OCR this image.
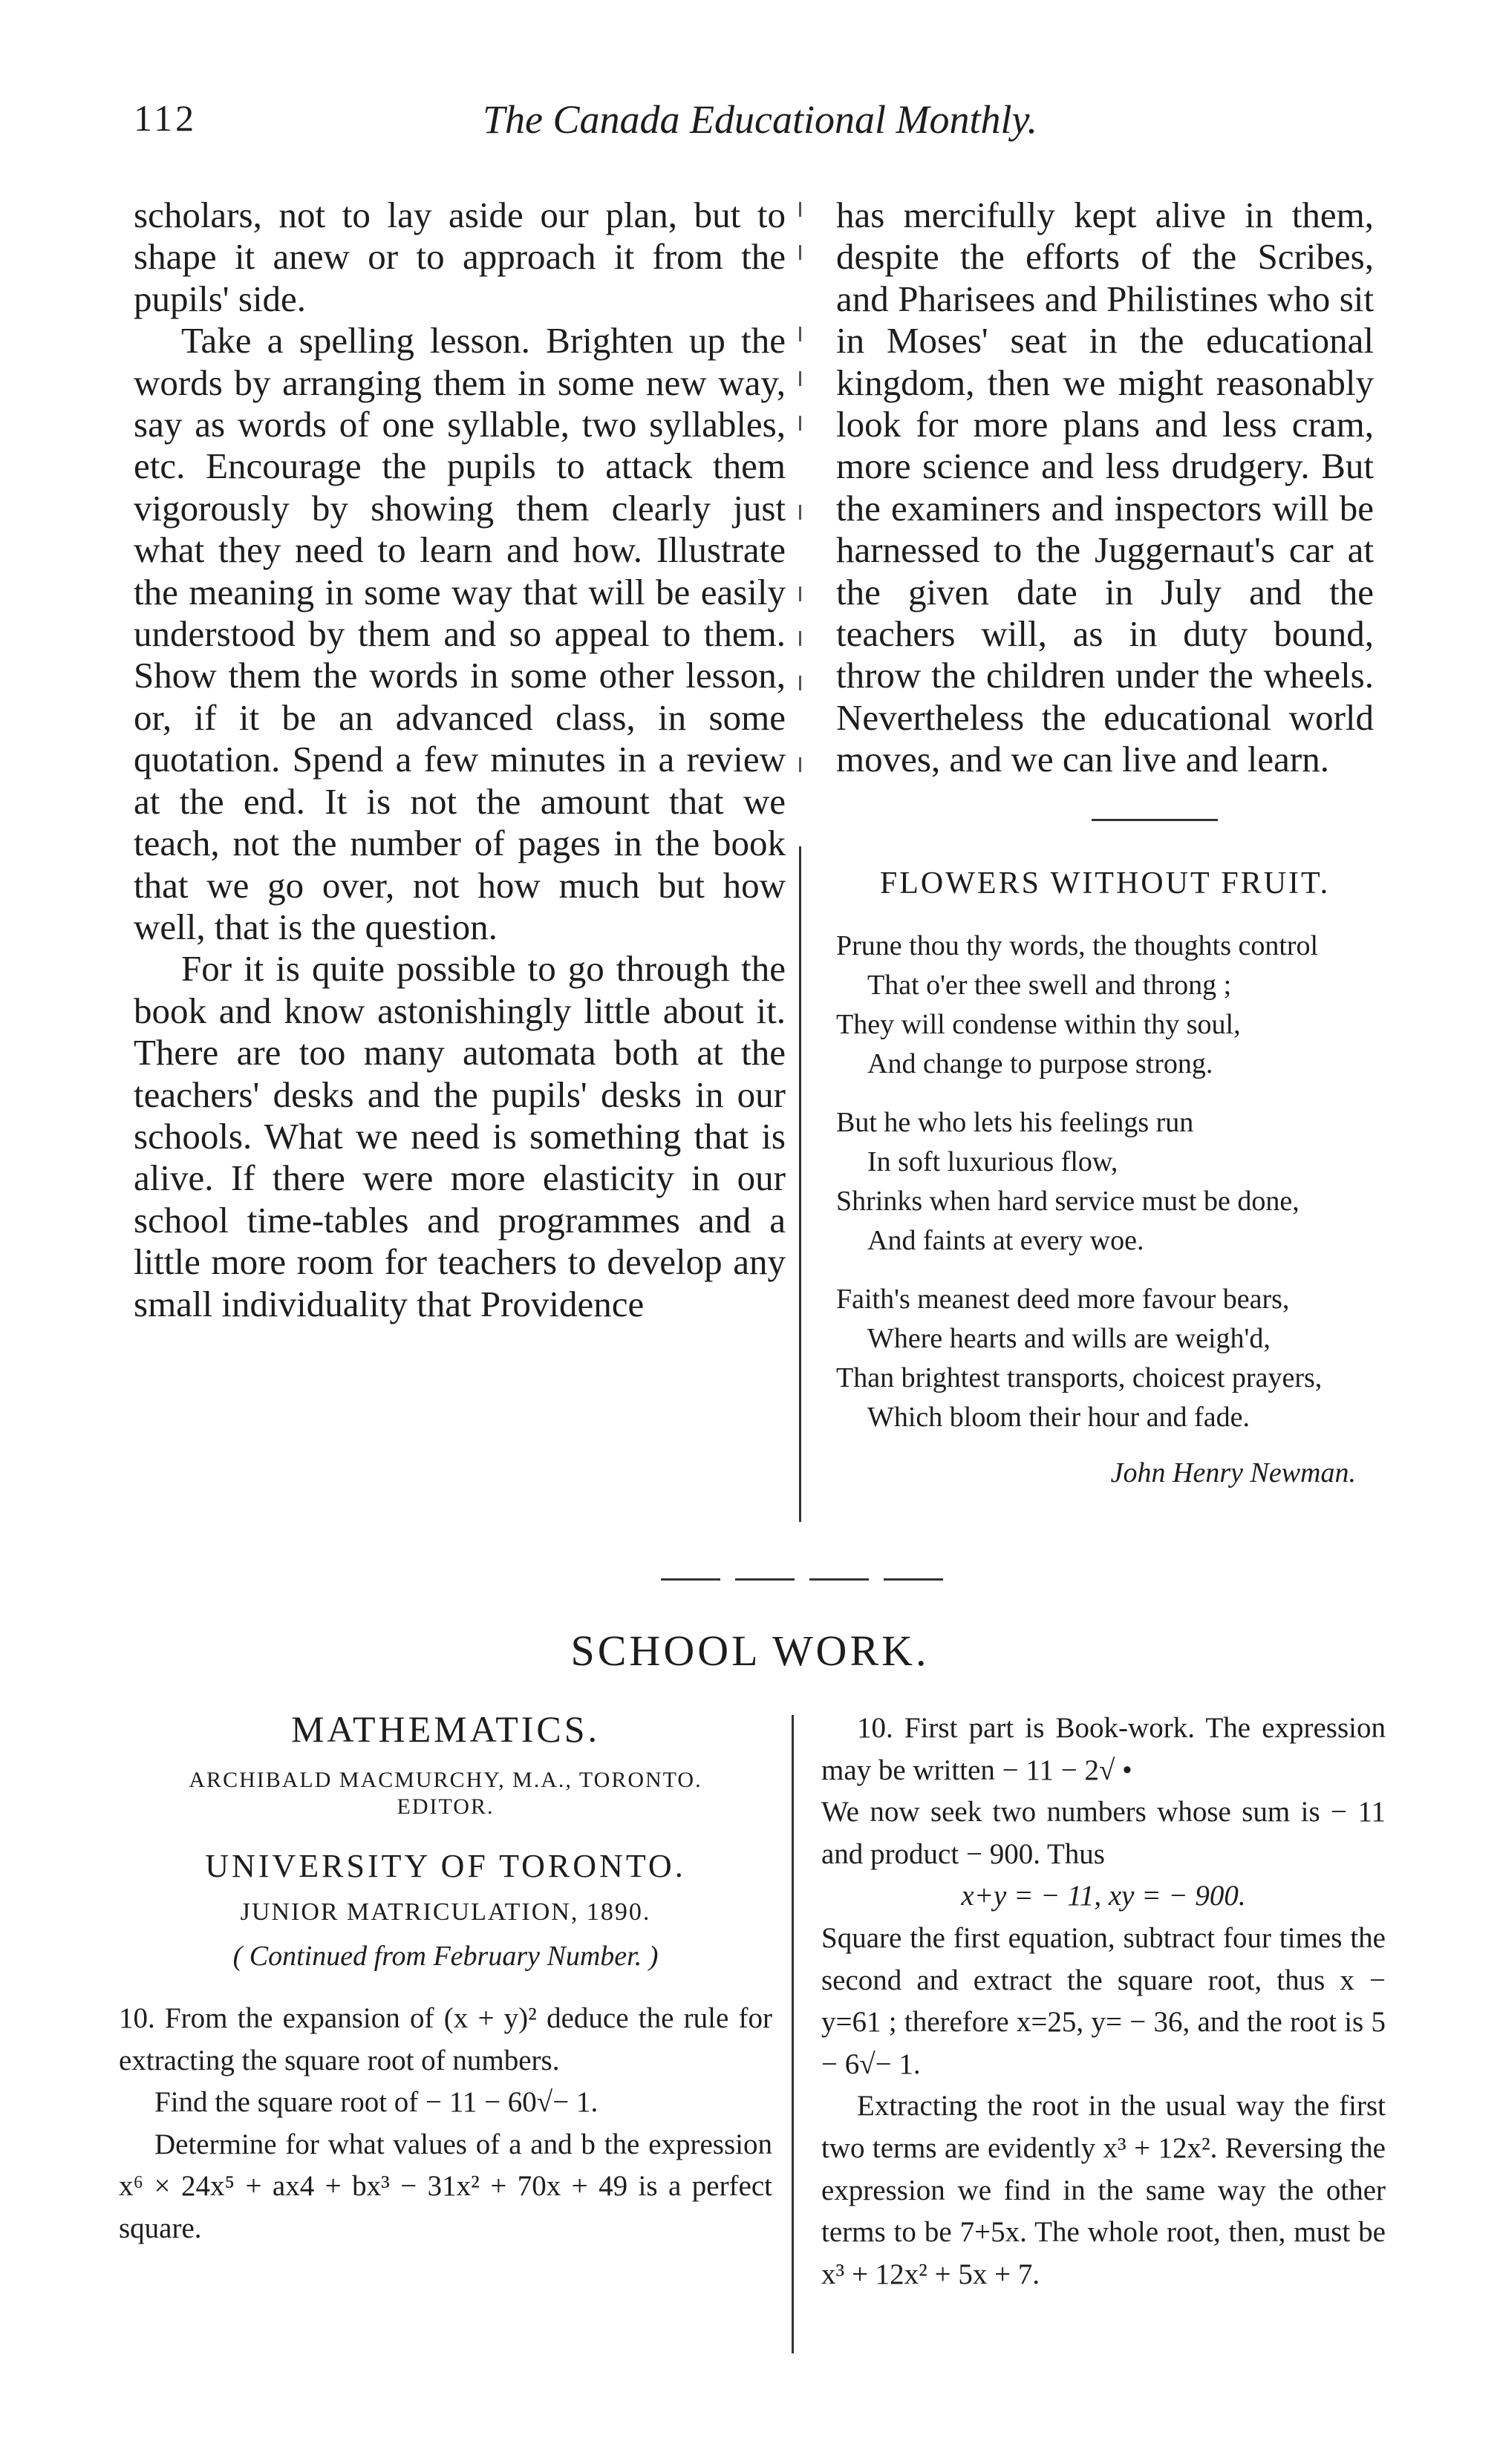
112	The Canada Educational Monthly.

scholars, not to lay aside our plan, but to shape it anew or to approach it from the pupils' side.

Take a spelling lesson. Brighten up the words by arranging them in some new way, say as words of one syllable, two syllables, etc. Encourage the pupils to attack them vigorously by showing them clearly just what they need to learn and how. Illustrate the meaning in some way that will be easily understood by them and so appeal to them. Show them the words in some other lesson, or, if it be an advanced class, in some quotation. Spend a few minutes in a review at the end. It is not the amount that we teach, not the number of pages in the book that we go over, not how much but how well, that is the question.

For it is quite possible to go through the book and know astonishingly little about it. There are too many automata both at the teachers' desks and the pupils' desks in our schools. What we need is something that is alive. If there were more elasticity in our school time-tables and programmes and a little more room for teachers to develop any small individuality that Providence

has mercifully kept alive in them, despite the efforts of the Scribes, and Pharisees and Philistines who sit in Moses' seat in the educational kingdom, then we might reasonably look for more plans and less cram, more science and less drudgery. But the examiners and inspectors will be harnessed to the Juggernaut's car at the given date in July and the teachers will, as in duty bound, throw the children under the wheels. Nevertheless the educational world moves, and we can live and learn.

FLOWERS WITHOUT FRUIT.
Prune thou thy words, the thoughts control
That o'er thee swell and throng ;
They will condense within thy soul,
And change to purpose strong.
But he who lets his feelings run
In soft luxurious flow,
Shrinks when hard service must be done,
And faints at every woe.
Faith's meanest deed more favour bears,
Where hearts and wills are weigh'd,
Than brightest transports, choicest prayers,
Which bloom their hour and fade.
John Henry Newman.
SCHOOL WORK.
MATHEMATICS.
ARCHIBALD MACMURCHY, M.A., TORONTO.
EDITOR.
UNIVERSITY OF TORONTO.
JUNIOR MATRICULATION, 1890.
( Continued from February Number. )

10. From the expansion of (x + y)² deduce the rule for extracting the square root of numbers.

Find the square root of − 11 − 60√− 1.

Determine for what values of a and b the expression x⁶ × 24x⁵ + ax4 + bx³ − 31x² + 70x + 49 is a perfect square.

10. First part is Book-work. The expression may be written − 11 − 2√ •

We now seek two numbers whose sum is − 11 and product − 900. Thus

x+y = − 11, xy = − 900.

Square the first equation, subtract four times the second and extract the square root, thus x − y=61 ; therefore x=25, y= − 36, and the root is 5 − 6√− 1.

Extracting the root in the usual way the first two terms are evidently x³ + 12x². Reversing the expression we find in the same way the other terms to be 7+5x. The whole root, then, must be x³ + 12x² + 5x + 7.
